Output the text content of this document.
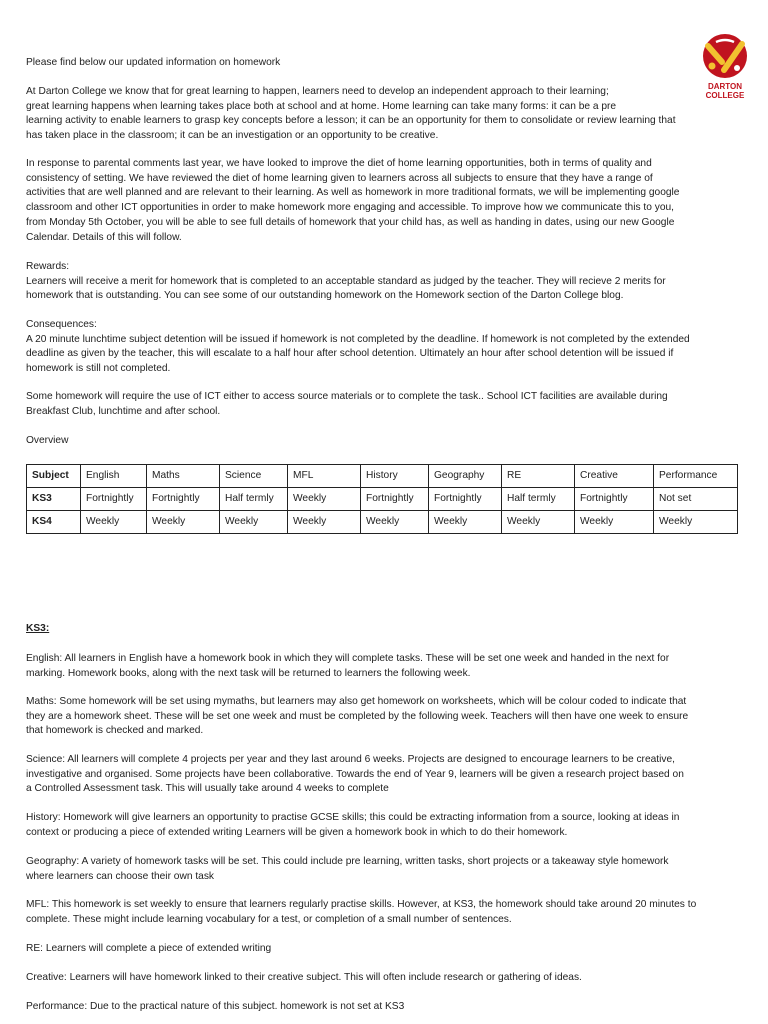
DARTON
COLLEGE

Please find below our updated information on homework

At Darton College we know that for great learning to happen, learners need to develop an independent approach to their learning;

great learning happens when learning takes place both at school and at home. Home learning can take many forms: it can be a pre

learning activity to enable learners to grasp key concepts before a lesson; it can be an opportunity for them to consolidate or review learning that

has taken place in the classroom; it can be an investigation or an opportunity to be creative.

In response to parental comments last year, we have looked to improve the diet of home learning opportunities, both in terms of quality and

consistency of setting. We have reviewed the diet of home learning given to learners across all subjects to ensure that they have a range of

activities that are well planned and are relevant to their learning. As well as homework in more traditional formats, we will be implementing google

classroom and other ICT opportunities in order to make homework more engaging and accessible. To improve how we communicate this to you,

from Monday 5th October, you will be able to see full details of homework that your child has, as well as handing in dates, using our new Google

Calendar. Details of this will follow.

Rewards:

Learners will receive a merit for homework that is completed to an acceptable standard as judged by the teacher. They will recieve 2 merits for

homework that is outstanding. You can see some of our outstanding homework on the Homework section of the Darton College blog.

Consequences:

A 20 minute lunchtime subject detention will be issued if homework is not completed by the deadline. If homework is not completed by the extended

deadline as given by the teacher, this will escalate to a half hour after school detention. Ultimately an hour after school detention will be issued if

homework is still not completed.

Some homework will require the use of ICT either to access source materials or to complete the task.. School ICT facilities are available during

Breakfast Club, lunchtime and after school.

Overview

Subject	English	Maths	Science	MFL	History	Geography	RE	Creative	Performance
KS3	Fortnightly	Fortnightly	Half termly	Weekly	Fortnightly	Fortnightly	Half termly	Fortnightly	Not set
KS4	Weekly	Weekly	Weekly	Weekly	Weekly	Weekly	Weekly	Weekly	Weekly

KS3:

English: All learners in English have a homework book in which they will complete tasks. These will be set one week and handed in the next for

marking. Homework books, along with the next task will be returned to learners the following week.

Maths: Some homework will be set using mymaths, but learners may also get homework on worksheets, which will be colour coded to indicate that

they are a homework sheet. These will be set one week and must be completed by the following week. Teachers will then have one week to ensure

that homework is checked and marked.

Science: All learners will complete 4 projects per year and they last around 6 weeks. Projects are designed to encourage learners to be creative,

investigative and organised. Some projects have been collaborative. Towards the end of Year 9, learners will be given a research project based on

a Controlled Assessment task. This will usually take around 4 weeks to complete

History: Homework will give learners an opportunity to practise GCSE skills; this could be extracting information from a source, looking at ideas in

context or producing a piece of extended writing Learners will be given a homework book in which to do their homework.

Geography: A variety of homework tasks will be set. This could include pre learning, written tasks, short projects or a takeaway style homework

where learners can choose their own task

MFL: This homework is set weekly to ensure that learners regularly practise skills. However, at KS3, the homework should take around 20 minutes to

complete. These might include learning vocabulary for a test, or completion of a small number of sentences.

RE: Learners will complete a piece of extended writing

Creative: Learners will have homework linked to their creative subject. This will often include research or gathering of ideas.

Performance: Due to the practical nature of this subject. homework is not set at KS3
